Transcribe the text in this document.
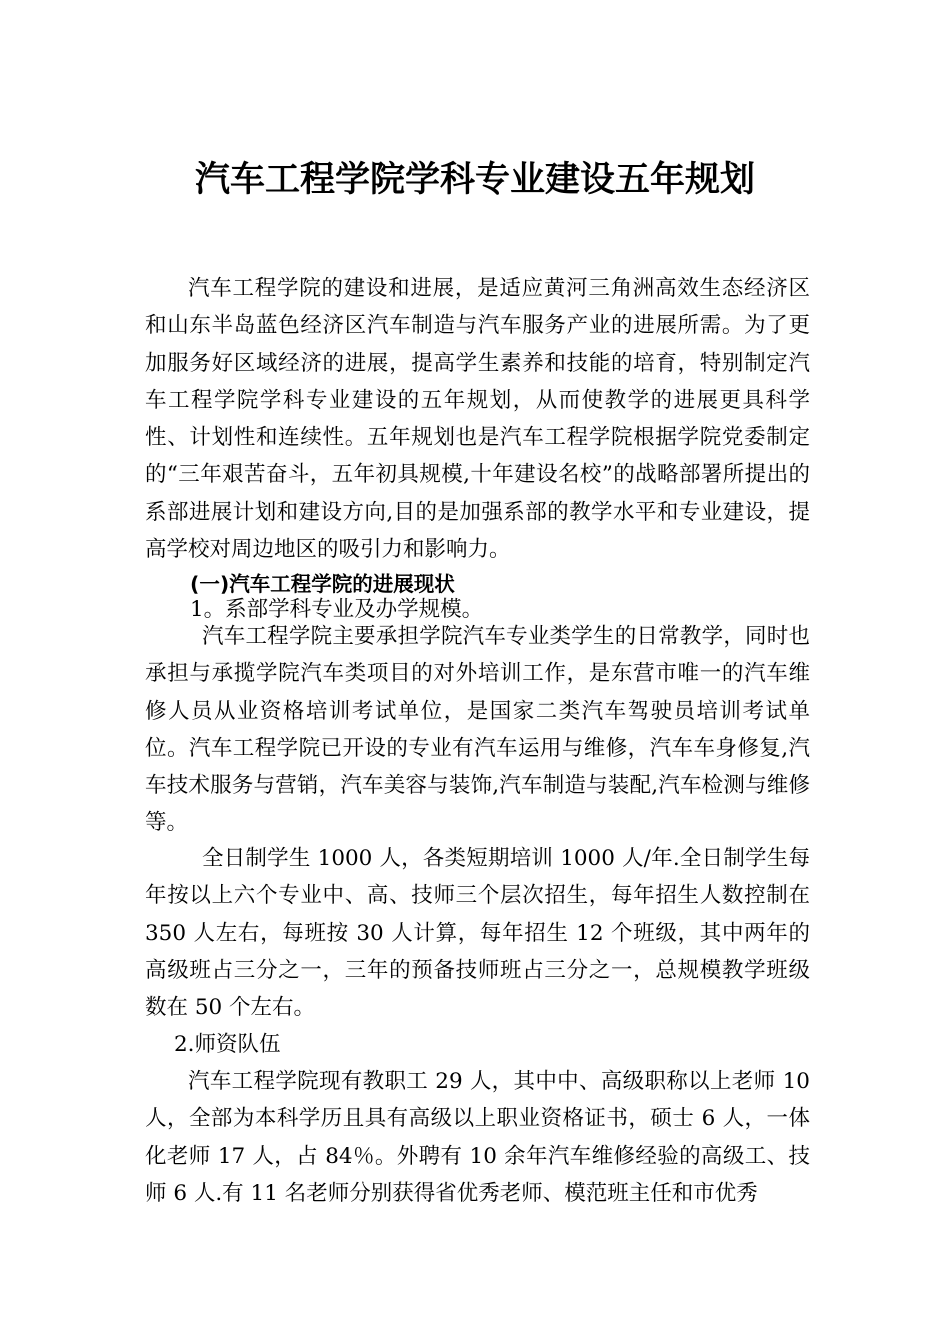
汽车工程学院学科专业建设五年规划

汽车工程学院的建设和进展，是适应黄河三角洲高效生态经济区和山东半岛蓝色经济区汽车制造与汽车服务产业的进展所需。为了更加服务好区域经济的进展，提高学生素养和技能的培育，特别制定汽车工程学院学科专业建设的五年规划，从而使教学的进展更具科学性、计划性和连续性。五年规划也是汽车工程学院根据学院党委制定的“三年艰苦奋斗，五年初具规模,十年建设名校”的战略部署所提出的系部进展计划和建设方向,目的是加强系部的教学水平和专业建设，提高学校对周边地区的吸引力和影响力。

(一)汽车工程学院的进展现状

1。系部学科专业及办学规模。

汽车工程学院主要承担学院汽车专业类学生的日常教学，同时也承担与承揽学院汽车类项目的对外培训工作，是东营市唯一的汽车维修人员从业资格培训考试单位，是国家二类汽车驾驶员培训考试单位。汽车工程学院已开设的专业有汽车运用与维修，汽车车身修复,汽车技术服务与营销，汽车美容与装饰,汽车制造与装配,汽车检测与维修等。

全日制学生 1000 人，各类短期培训 1000 人/年.全日制学生每年按以上六个专业中、高、技师三个层次招生，每年招生人数控制在 350 人左右，每班按 30 人计算，每年招生 12 个班级，其中两年的高级班占三分之一，三年的预备技师班占三分之一，总规模教学班级数在 50 个左右。

2.师资队伍

汽车工程学院现有教职工 29 人，其中中、高级职称以上老师 10 人，全部为本科学历且具有高级以上职业资格证书，硕士 6 人，一体化老师 17 人，占 84％。外聘有 10 余年汽车维修经验的高级工、技师 6 人.有 11 名老师分别获得省优秀老师、模范班主任和市优秀
